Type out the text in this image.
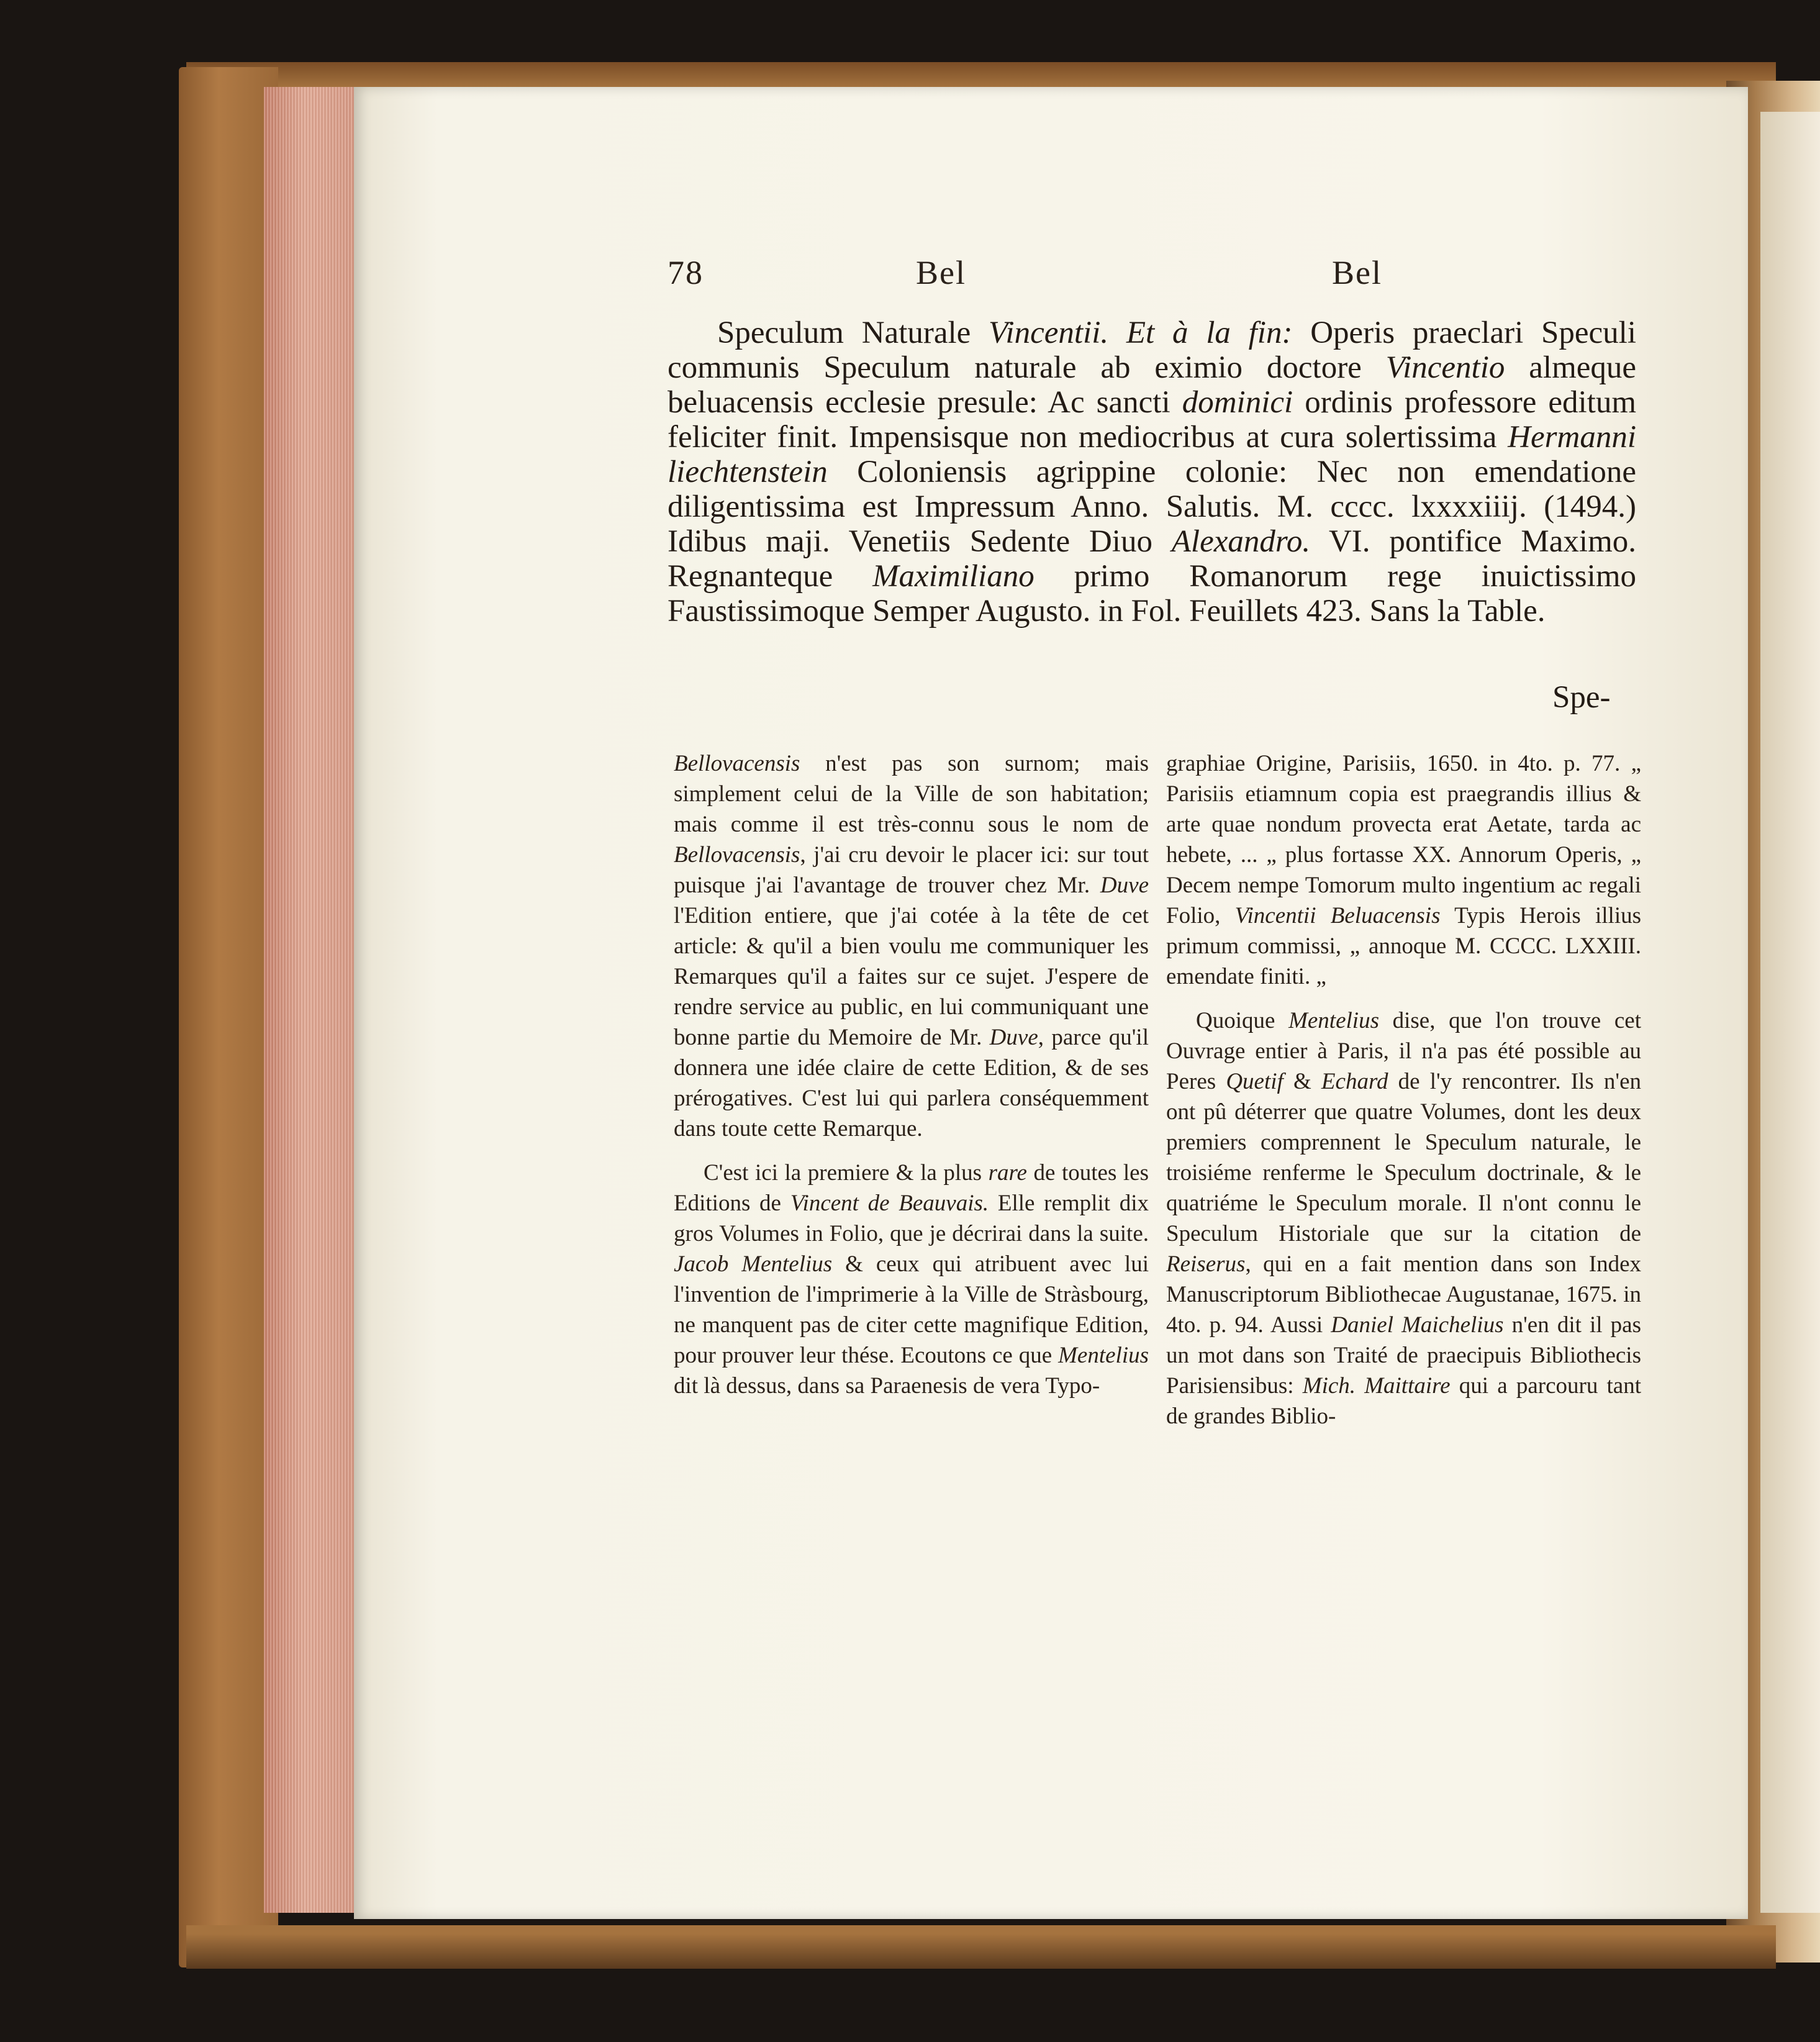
78	Bel	Bel
Speculum Naturale Vincentii. Et à la fin: Operis praeclari Speculi communis Speculum naturale ab eximio doctore Vincentio almeque beluacensis ecclesie presule: Ac sancti dominici ordinis professore editum feliciter finit. Impensisque non mediocribus at cura solertissima Hermanni liechtenstein Coloniensis agrippine colonie: Nec non emendatione diligentissima est Impressum Anno. Salutis. M. cccc. lxxxxiiij. (1494.) Idibus maji. Venetiis Sedente Diuo Alexandro. VI. pontifice Maximo. Regnanteque Maximiliano primo Romanorum rege inuictissimo Faustissimoque Semper Augusto. in Fol. Feuillets 423. Sans la Table.
Spe-

Bellovacensis n'est pas son surnom; mais simplement celui de la Ville de son habitation; mais comme il est très-connu sous le nom de Bellovacensis, j'ai cru devoir le placer ici: sur tout puisque j'ai l'avantage de trouver chez Mr. Duve l'Edition entiere, que j'ai cotée à la tête de cet article: & qu'il a bien voulu me communiquer les Remarques qu'il a faites sur ce sujet. J'espere de rendre service au public, en lui communiquant une bonne partie du Memoire de Mr. Duve, parce qu'il donnera une idée claire de cette Edition, & de ses prérogatives. C'est lui qui parlera conséquemment dans toute cette Remarque.

C'est ici la premiere & la plus rare de toutes les Editions de Vincent de Beauvais. Elle remplit dix gros Volumes in Folio, que je décrirai dans la suite. Jacob Mentelius & ceux qui atribuent avec lui l'invention de l'imprimerie à la Ville de Stràsbourg, ne manquent pas de citer cette magnifique Edition, pour prouver leur thése. Ecoutons ce que Mentelius dit là dessus, dans sa Paraenesis de vera Typo-

graphiae Origine, Parisiis, 1650. in 4to. p. 77. „ Parisiis etiamnum copia est praegrandis illius & arte quae nondum provecta erat Aetate, tarda ac hebete, ... „ plus fortasse XX. Annorum Operis, „ Decem nempe Tomorum multo ingentium ac regali Folio, Vincentii Beluacensis Typis Herois illius primum commissi, „ annoque M. CCCC. LXXIII. emendate finiti. „

Quoique Mentelius dise, que l'on trouve cet Ouvrage entier à Paris, il n'a pas été possible au Peres Quetif & Echard de l'y rencontrer. Ils n'en ont pû déterrer que quatre Volumes, dont les deux premiers comprennent le Speculum naturale, le troisiéme renferme le Speculum doctrinale, & le quatriéme le Speculum morale. Il n'ont connu le Speculum Historiale que sur la citation de Reiserus, qui en a fait mention dans son Index Manuscriptorum Bibliothecae Augustanae, 1675. in 4to. p. 94. Aussi Daniel Maichelius n'en dit il pas un mot dans son Traité de praecipuis Bibliothecis Parisiensibus: Mich. Maittaire qui a parcouru tant de grandes Biblio-
